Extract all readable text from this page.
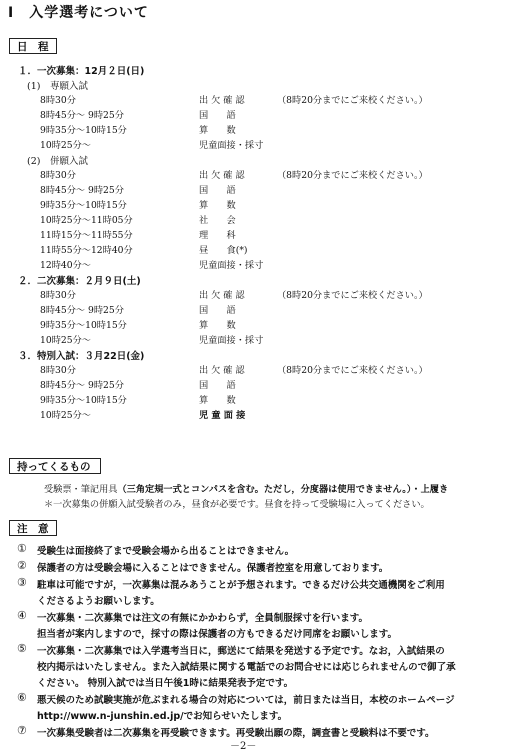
Ⅰ　入学選考について
日　程
１．一次募集：12月２日(日)
(1)　専願入試
8時30分	出 欠 確 認	（8時20分までにご来校ください。）
8時45分～ 9時25分	国　　語
9時35分～10時15分	算　　数
10時25分～	児童面接・採寸
(2)　併願入試
8時30分	出 欠 確 認	（8時20分までにご来校ください。）
8時45分～ 9時25分	国　　語
9時35分～10時15分	算　　数
10時25分～11時05分	社　　会
11時15分～11時55分	理　　科
11時55分～12時40分	昼　　食(*)
12時40分～	児童面接・採寸
２．二次募集：２月９日(土)
8時30分	出 欠 確 認	（8時20分までにご来校ください。）
8時45分～ 9時25分	国　　語
9時35分～10時15分	算　　数
10時25分～	児童面接・採寸
３．特別入試：３月22日(金)
8時30分	出 欠 確 認	（8時20分までにご来校ください。）
8時45分～ 9時25分	国　　語
9時35分～10時15分	算　　数
10時25分～	児 童 面 接
持ってくるもの
受験票・筆記用具（三角定規一式とコンパスを含む。ただし，分度器は使用できません。）・上履き
＊一次募集の併願入試受験者のみ，昼食が必要です。昼食を持って受験場に入ってください。
注　意
① 受験生は面接終了まで受験会場から出ることはできません。
② 保護者の方は受験会場に入ることはできません。保護者控室を用意しております。
③ 駐車は可能ですが，一次募集は混みあうことが予想されます。できるだけ公共交通機関をご利用
くださるようお願いします。
④ 一次募集・二次募集では注文の有無にかかわらず，全員制服採寸を行います。
担当者が案内しますので，採寸の際は保護者の方もできるだけ同席をお願いします。
⑤ 一次募集・二次募集では入学選考当日に，郵送にて結果を発送する予定です。なお，入試結果の
校内掲示はいたしません。また入試結果に関する電話でのお問合せには応じられませんので御了承
ください。 特別入試では当日午後1時に結果発表予定です。
⑥ 悪天候のため試験実施が危ぶまれる場合の対応については，前日または当日，本校のホームページ
http://www.n-junshin.ed.jp/でお知らせいたします。
⑦ 一次募集受験者は二次募集を再受験できます。再受験出願の際，調査書と受験料は不要です。
－2－
